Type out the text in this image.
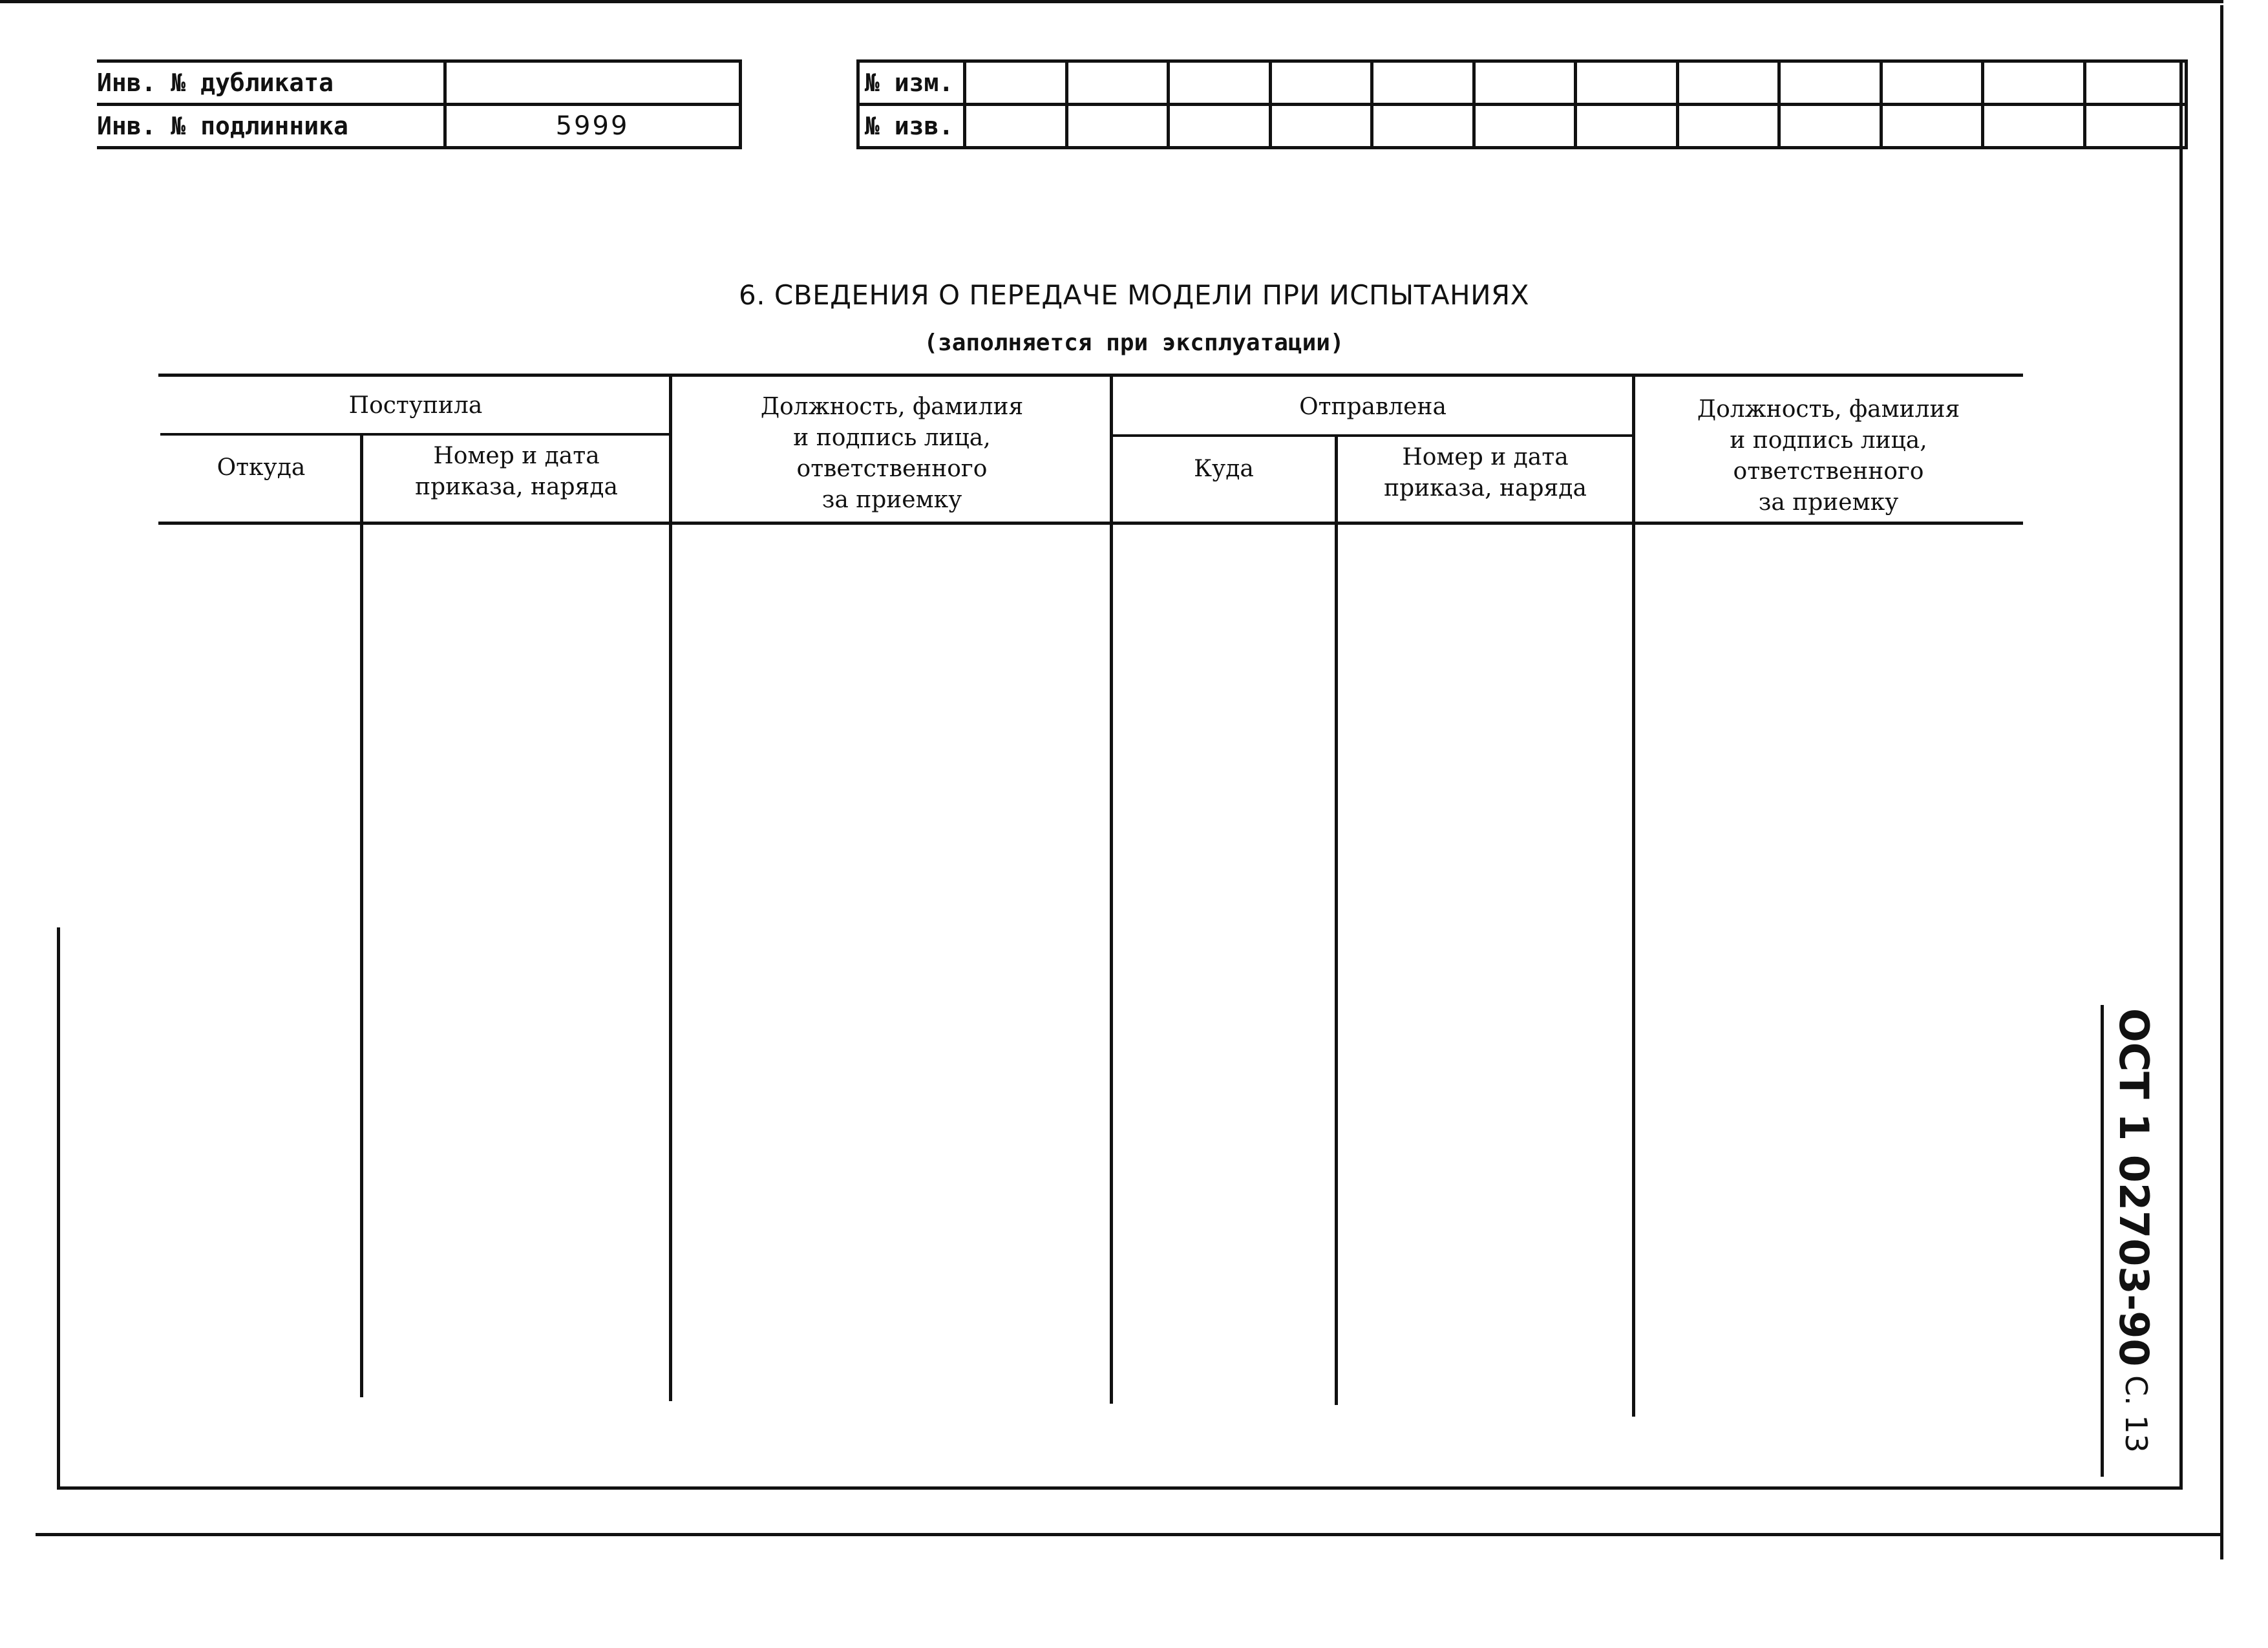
Инв. № дубликата	
Инв. № подлинника	5999
№ изм.												
№ изв.												
6. СВЕДЕНИЯ О ПЕРЕДАЧЕ МОДЕЛИ ПРИ ИСПЫТАНИЯХ
(заполняется при эксплуатации)
Поступила
Откуда	Номер и дата
приказа, наряда
Должность, фамилия
и подпись лица,
ответственного
за приемку
Отправлена
Куда	Номер и дата
приказа, наряда
Должность, фамилия
и подпись лица,
ответственного
за приемку
ОСТ 1 02703-90
С. 13
